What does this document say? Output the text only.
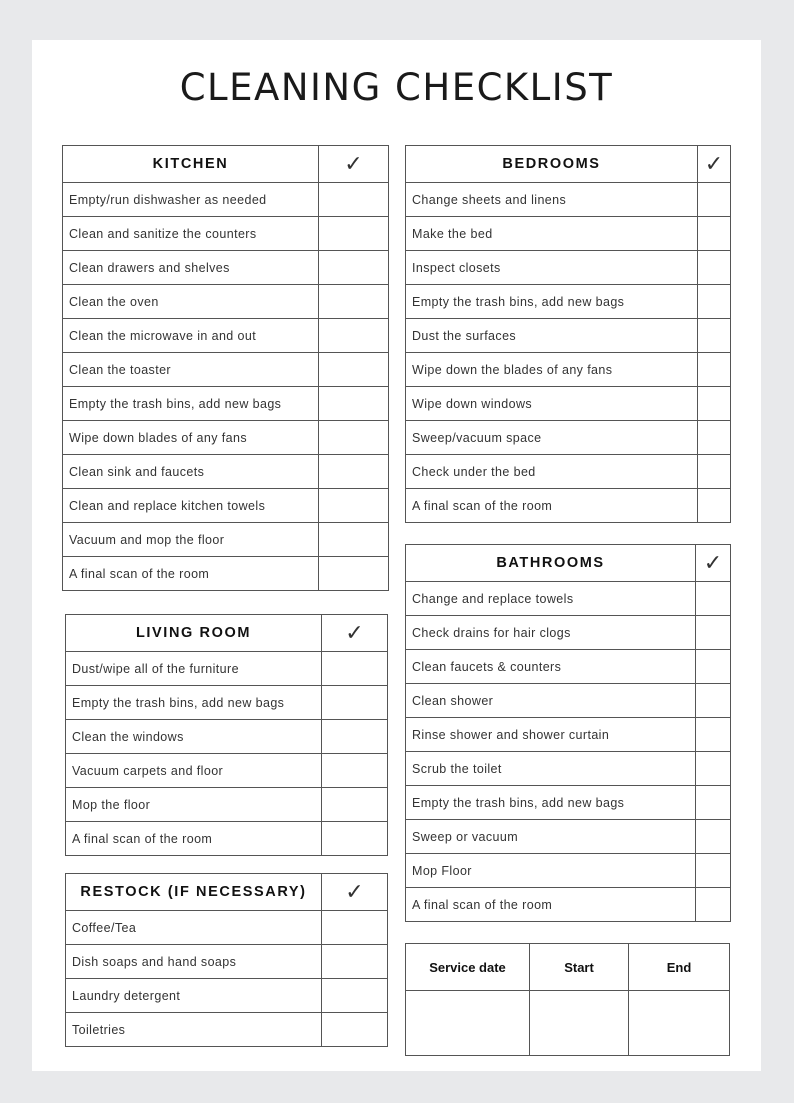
CLEANING CHECKLIST
KITCHEN	✓
Empty/run dishwasher as needed	
Clean and sanitize the counters	
Clean drawers and shelves	
Clean the oven	
Clean the microwave in and out	
Clean the toaster	
Empty the trash bins, add new bags	
Wipe down blades of any fans	
Clean sink and faucets	
Clean and replace kitchen towels	
Vacuum and mop the floor	
A final scan of the room	
LIVING ROOM	✓
Dust/wipe all of the furniture	
Empty the trash bins, add new bags	
Clean the windows	
Vacuum carpets and floor	
Mop the floor	
A final scan of the room	
RESTOCK (IF NECESSARY)	✓
Coffee/Tea	
Dish soaps and hand soaps	
Laundry detergent	
Toiletries	
BEDROOMS	✓
Change sheets and linens	
Make the bed	
Inspect closets	
Empty the trash bins, add new bags	
Dust the surfaces	
Wipe down the blades of any fans	
Wipe down windows	
Sweep/vacuum space	
Check under the bed	
A final scan of the room	
BATHROOMS	✓
Change and replace towels	
Check drains for hair clogs	
Clean faucets & counters	
Clean shower	
Rinse shower and shower curtain	
Scrub the toilet	
Empty the trash bins, add new bags	
Sweep or vacuum	
Mop Floor	
A final scan of the room	
Service date	Start	End
